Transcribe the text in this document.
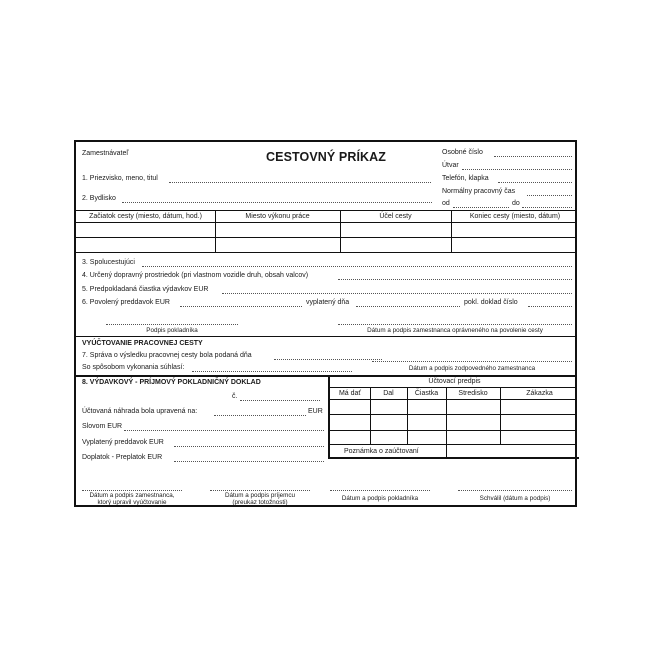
Zamestnávateľ	CESTOVNÝ PRÍKAZ	Osobné číslo
Útvar
Telefón, klapka
Normálny pracovný čas
od	do
1. Priezvisko, meno, titul
2. Bydlisko
Začiatok cesty (miesto, dátum, hod.)	Miesto výkonu práce	Účel cesty	Koniec cesty (miesto, dátum)
3. Spolucestujúci
4. Určený dopravný prostriedok (pri vlastnom vozidle druh, obsah valcov)
5. Predpokladaná čiastka výdavkov EUR
6. Povolený preddavok EUR	vyplatený dňa	pokl. doklad číslo
Podpis pokladníka	Dátum a podpis zamestnanca oprávneného na povolenie cesty
VYÚČTOVANIE PRACOVNEJ CESTY
7. Správa o výsledku pracovnej cesty bola podaná dňa
So spôsobom vykonania súhlasí:	Dátum a podpis zodpovedného zamestnanca
8. VÝDAVKOVÝ - PRÍJMOVÝ POKLADNIČNÝ DOKLAD
č.
Účtovaná náhrada bola upravená na:	EUR
Slovom EUR
Vyplatený preddavok EUR
Doplatok - Preplatok EUR
Účtovací predpis
Má dať	Dal	Čiastka	Stredisko	Zákazka
Poznámka o zaúčtovaní
Dátum a podpis zamestnanca,
ktorý upravil vyúčtovanie
Dátum a podpis príjemcu
(preukaz totožnosti)
Dátum a podpis pokladníka	Schválil (dátum a podpis)
